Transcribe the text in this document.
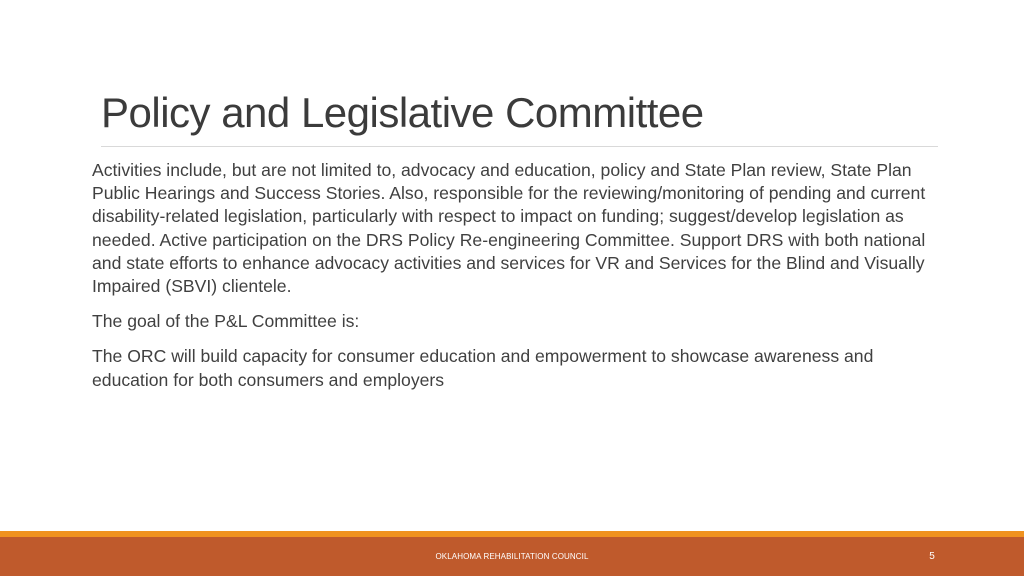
Policy and Legislative Committee

Activities include, but are not limited to, advocacy and education, policy and State Plan review, State Plan Public Hearings and Success Stories. Also, responsible for the reviewing/monitoring of pending and current disability-related legislation, particularly with respect to impact on funding; suggest/develop legislation as needed. Active participation on the DRS Policy Re-engineering Committee. Support DRS with both national and state efforts to enhance advocacy activities and services for VR and Services for the Blind and Visually Impaired (SBVI) clientele.

The goal of the P&L Committee is:

The ORC will build capacity for consumer education and empowerment to showcase awareness and education for both consumers and employers

OKLAHOMA REHABILITATION COUNCIL	5
